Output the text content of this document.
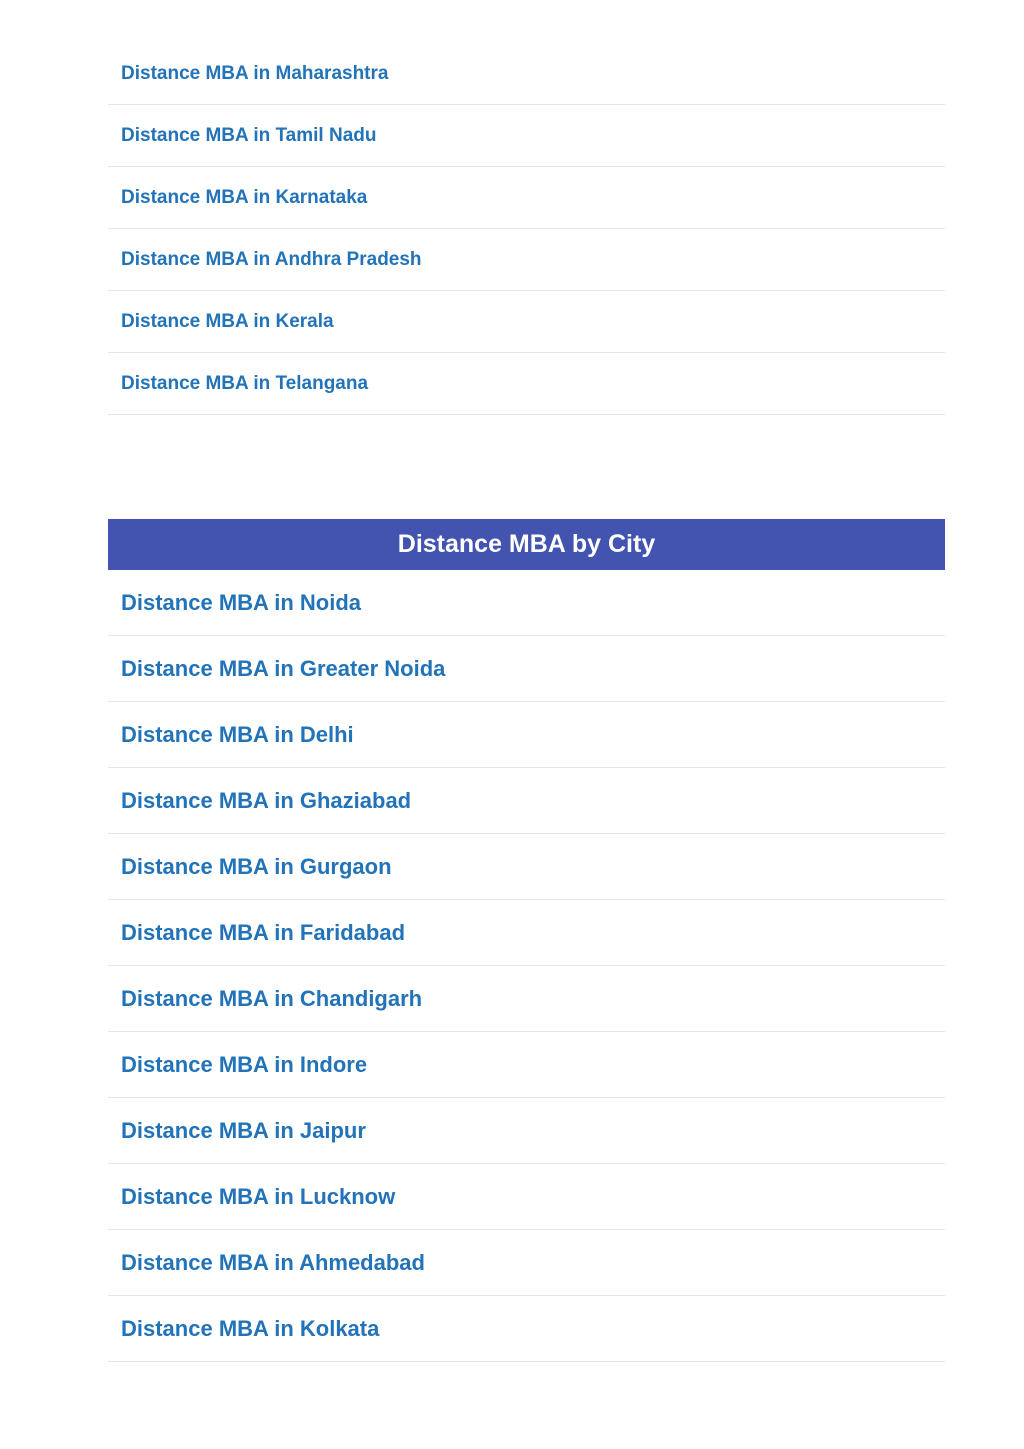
Distance MBA in Maharashtra
Distance MBA in Tamil Nadu
Distance MBA in Karnataka
Distance MBA in Andhra Pradesh
Distance MBA in Kerala
Distance MBA in Telangana
Distance MBA by City
Distance MBA in Noida
Distance MBA in Greater Noida
Distance MBA in Delhi
Distance MBA in Ghaziabad
Distance MBA in Gurgaon
Distance MBA in Faridabad
Distance MBA in Chandigarh
Distance MBA in Indore
Distance MBA in Jaipur
Distance MBA in Lucknow
Distance MBA in Ahmedabad
Distance MBA in Kolkata
